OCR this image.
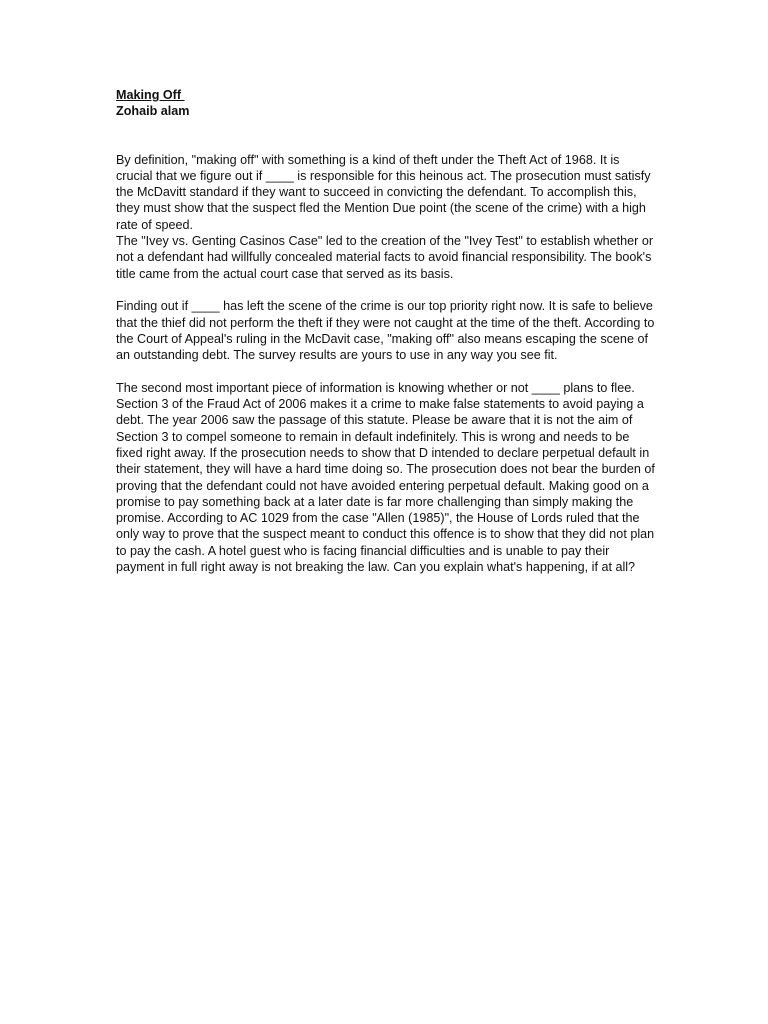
Making Off
Zohaib alam

By definition, "making off" with something is a kind of theft under the Theft Act of 1968. It is crucial that we figure out if ____ is responsible for this heinous act. The prosecution must satisfy the McDavitt standard if they want to succeed in convicting the defendant. To accomplish this, they must show that the suspect fled the Mention Due point (the scene of the crime) with a high rate of speed.

The "Ivey vs. Genting Casinos Case" led to the creation of the "Ivey Test" to establish whether or not a defendant had willfully concealed material facts to avoid financial responsibility. The book's title came from the actual court case that served as its basis.

Finding out if ____ has left the scene of the crime is our top priority right now. It is safe to believe that the thief did not perform the theft if they were not caught at the time of the theft. According to the Court of Appeal's ruling in the McDavit case, "making off" also means escaping the scene of an outstanding debt. The survey results are yours to use in any way you see fit.

The second most important piece of information is knowing whether or not ____ plans to flee. Section 3 of the Fraud Act of 2006 makes it a crime to make false statements to avoid paying a debt. The year 2006 saw the passage of this statute. Please be aware that it is not the aim of Section 3 to compel someone to remain in default indefinitely. This is wrong and needs to be fixed right away. If the prosecution needs to show that D intended to declare perpetual default in their statement, they will have a hard time doing so. The prosecution does not bear the burden of proving that the defendant could not have avoided entering perpetual default. Making good on a promise to pay something back at a later date is far more challenging than simply making the promise. According to AC 1029 from the case "Allen (1985)", the House of Lords ruled that the only way to prove that the suspect meant to conduct this offence is to show that they did not plan to pay the cash. A hotel guest who is facing financial difficulties and is unable to pay their payment in full right away is not breaking the law. Can you explain what's happening, if at all?
